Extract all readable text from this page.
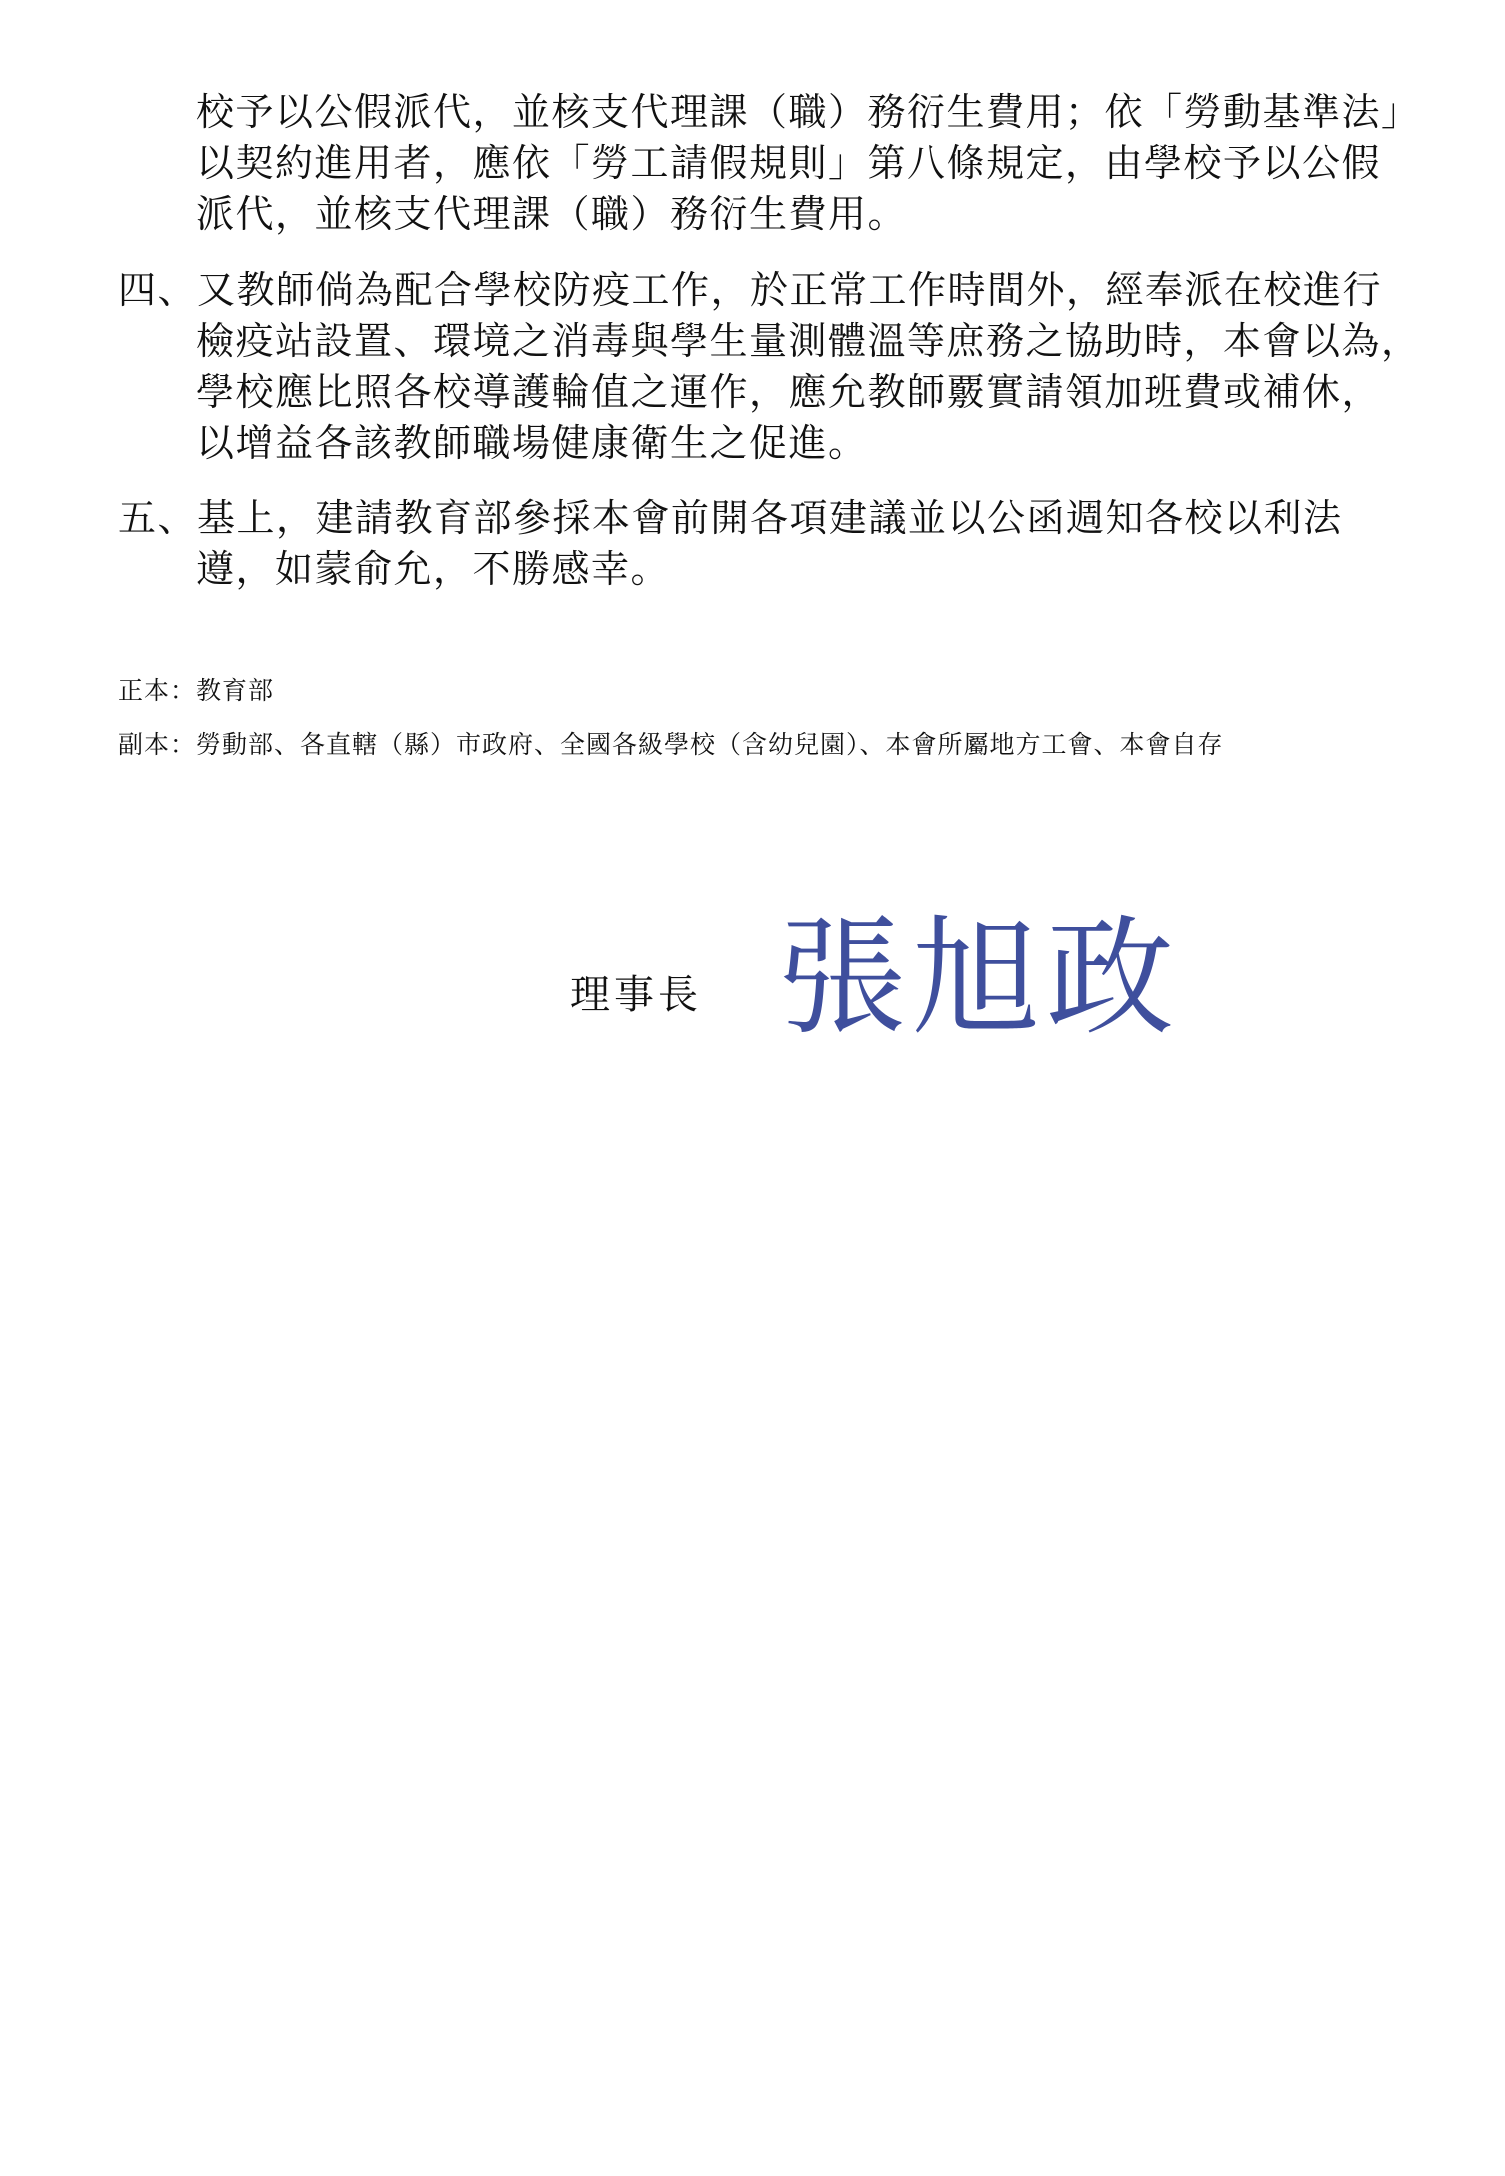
校予以公假派代，並核支代理課（職）務衍生費用；依「勞動基準法」
以契約進用者，應依「勞工請假規則」第八條規定，由學校予以公假
派代，並核支代理課（職）務衍生費用。
四、又教師倘為配合學校防疫工作，於正常工作時間外，經奉派在校進行
檢疫站設置、環境之消毒與學生量測體溫等庶務之協助時，本會以為，
學校應比照各校導護輪值之運作，應允教師覈實請領加班費或補休，
以增益各該教師職場健康衛生之促進。
五、基上，建請教育部參採本會前開各項建議並以公函週知各校以利法
遵，如蒙俞允，不勝感幸。
正本：教育部
副本：勞動部、各直轄（縣）市政府、全國各級學校（含幼兒園）、本會所屬地方工會、本會自存
理事長 張旭政
